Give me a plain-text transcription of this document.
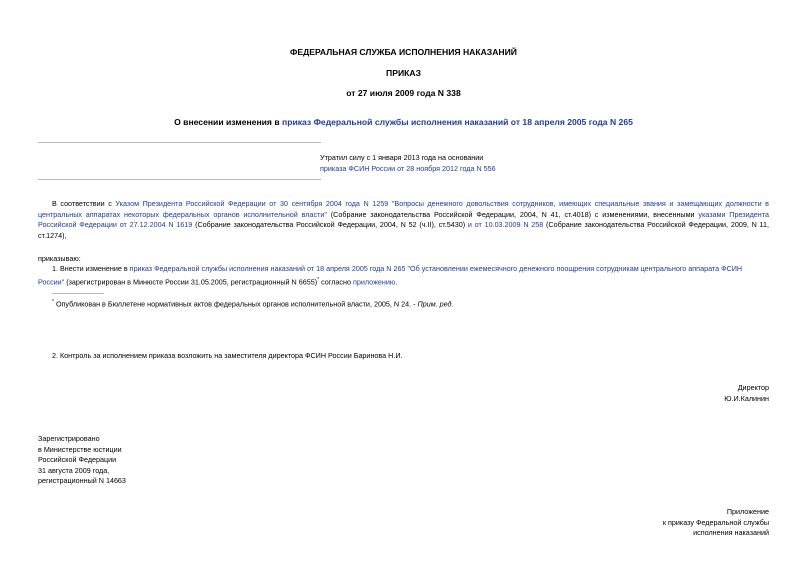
ФЕДЕРАЛЬНАЯ СЛУЖБА ИСПОЛНЕНИЯ НАКАЗАНИЙ
ПРИКАЗ
от 27 июля 2009 года N 338
О внесении изменения в приказ Федеральной службы исполнения наказаний от 18 апреля 2005 года N 265
Утратил силу с 1 января 2013 года на основании
приказа ФСИН России от 28 ноября 2012 года N 556
В соответствии с Указом Президента Российской Федерации от 30 сентября 2004 года N 1259 "Вопросы денежного довольствия сотрудников, имеющих специальные звания и замещающих должности в центральных аппаратах некоторых федеральных органов исполнительной власти" (Собрание законодательства Российской Федерации, 2004, N 41, ст.4018) с изменениями, внесенными указами Президента Российской Федерации от 27.12.2004 N 1619 (Собрание законодательства Российской Федерации, 2004, N 52 (ч.II), ст.5430) и от 10.03.2009 N 258 (Собрание законодательства Российской Федерации, 2009, N 11, ст.1274),
приказываю:
1. Внести изменение в приказ Федеральной службы исполнения наказаний от 18 апреля 2005 года N 265 "Об установлении ежемесячного денежного поощрения сотрудникам центрального аппарата ФСИН России" (зарегистрирован в Минюсте России 31.05.2005, регистрационный N 6655)* согласно приложению.
* Опубликован в Бюллетене нормативных актов федеральных органов исполнительной власти, 2005, N 24. - Прим. ред.
2. Контроль за исполнением приказа возложить на заместителя директора ФСИН России Баринова Н.И.
Директор
Ю.И.Калинин
Зарегистрировано
в Министерстве юстиции
Российской Федерации
31 августа 2009 года,
регистрационный N 14663
Приложение
к приказу Федеральной службы
исполнения наказаний
